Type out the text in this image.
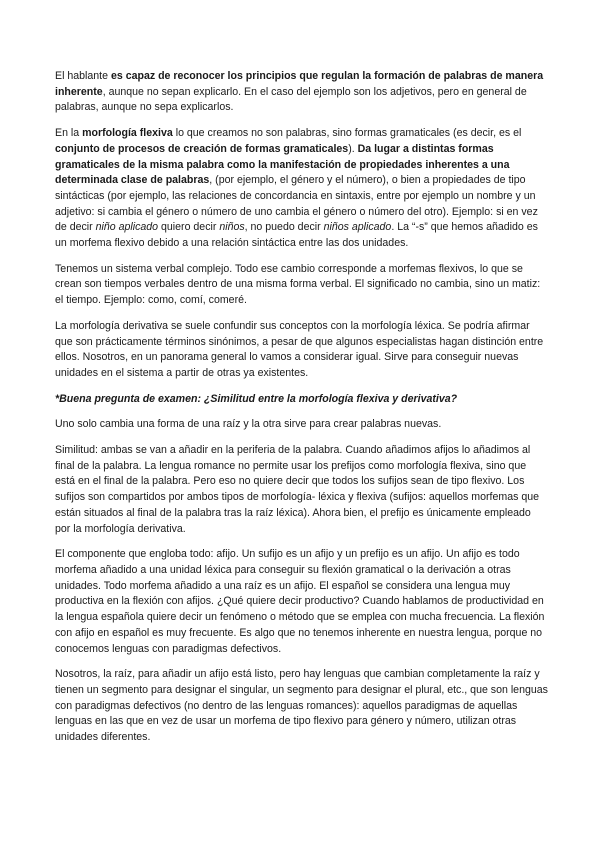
El hablante es capaz de reconocer los principios que regulan la formación de palabras de manera inherente, aunque no sepan explicarlo. En el caso del ejemplo son los adjetivos, pero en general de palabras, aunque no sepa explicarlos.

En la morfología flexiva lo que creamos no son palabras, sino formas gramaticales (es decir, es el conjunto de procesos de creación de formas gramaticales). Da lugar a distintas formas gramaticales de la misma palabra como la manifestación de propiedades inherentes a una determinada clase de palabras, (por ejemplo, el género y el número), o bien a propiedades de tipo sintácticas (por ejemplo, las relaciones de concordancia en sintaxis, entre por ejemplo un nombre y un adjetivo: si cambia el género o número de uno cambia el género o número del otro). Ejemplo: si en vez de decir niño aplicado quiero decir niños, no puedo decir niños aplicado. La “-s” que hemos añadido es un morfema flexivo debido a una relación sintáctica entre las dos unidades.

Tenemos un sistema verbal complejo. Todo ese cambio corresponde a morfemas flexivos, lo que se crean son tiempos verbales dentro de una misma forma verbal. El significado no cambia, sino un matiz: el tiempo. Ejemplo: como, comí, comeré.

La morfología derivativa se suele confundir sus conceptos con la morfología léxica. Se podría afirmar que son prácticamente términos sinónimos, a pesar de que algunos especialistas hagan distinción entre ellos. Nosotros, en un panorama general lo vamos a considerar igual. Sirve para conseguir nuevas unidades en el sistema a partir de otras ya existentes.

*Buena pregunta de examen: ¿Similitud entre la morfología flexiva y derivativa?

Uno solo cambia una forma de una raíz y la otra sirve para crear palabras nuevas.

Similitud: ambas se van a añadir en la periferia de la palabra. Cuando añadimos afijos lo añadimos al final de la palabra. La lengua romance no permite usar los prefijos como morfología flexiva, sino que está en el final de la palabra. Pero eso no quiere decir que todos los sufijos sean de tipo flexivo. Los sufijos son compartidos por ambos tipos de morfología- léxica y flexiva (sufijos: aquellos morfemas que están situados al final de la palabra tras la raíz léxica). Ahora bien, el prefijo es únicamente empleado por la morfología derivativa.

El componente que engloba todo: afijo. Un sufijo es un afijo y un prefijo es un afijo. Un afijo es todo morfema añadido a una unidad léxica para conseguir su flexión gramatical o la derivación a otras unidades. Todo morfema añadido a una raíz es un afijo. El español se considera una lengua muy productiva en la flexión con afijos. ¿Qué quiere decir productivo? Cuando hablamos de productividad en la lengua española quiere decir un fenómeno o método que se emplea con mucha frecuencia. La flexión con afijo en español es muy frecuente. Es algo que no tenemos inherente en nuestra lengua, porque no conocemos lenguas con paradigmas defectivos.

Nosotros, la raíz, para añadir un afijo está listo, pero hay lenguas que cambian completamente la raíz y tienen un segmento para designar el singular, un segmento para designar el plural, etc., que son lenguas con paradigmas defectivos (no dentro de las lenguas romances): aquellos paradigmas de aquellas lenguas en las que en vez de usar un morfema de tipo flexivo para género y número, utilizan otras unidades diferentes.
